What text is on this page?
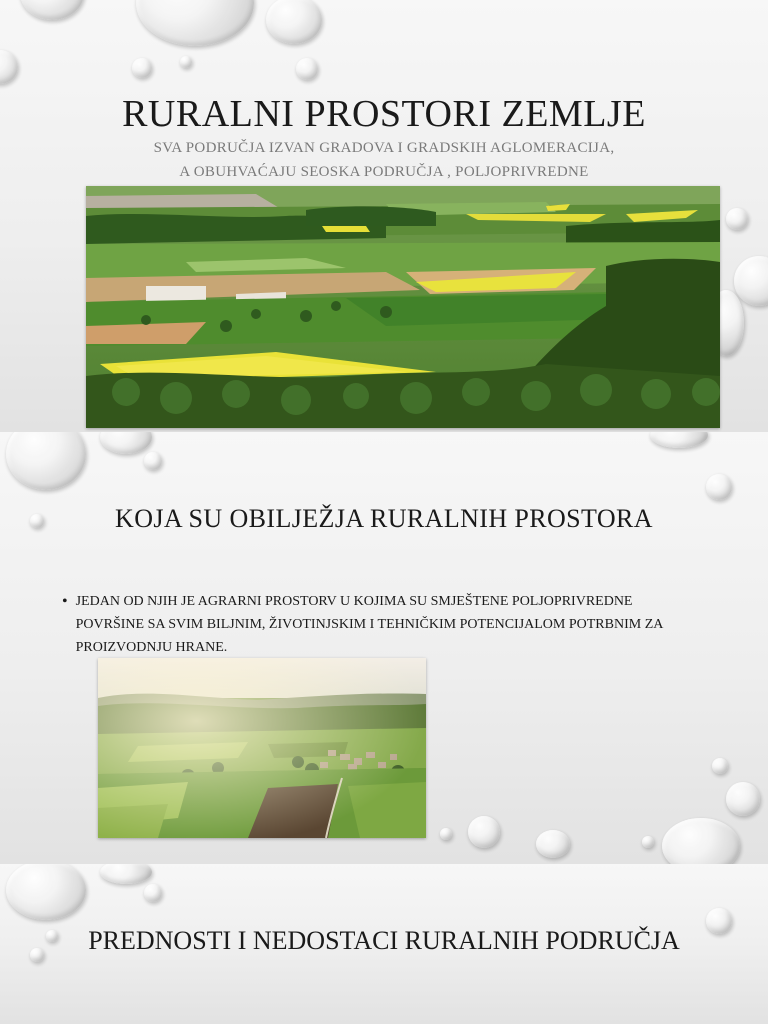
RURALNI PROSTORI ZEMLJE

SVA PODRUČJA IZVAN GRADOVA I GRADSKIH AGLOMERACIJA,

A OBUHVAĆAJU SEOSKA PODRUČJA , POLJOPRIVREDNE

KOJA SU OBILJEŽJA RURALNIH PROSTORA
• JEDAN OD NJIH JE AGRARNI PROSTORV U KOJIMA SU SMJEŠTENE POLJOPRIVREDNE POVRŠINE SA SVIM BILJNIM, ŽIVOTINJSKIM I TEHNIČKIM POTENCIJALOM POTRBNIM ZA PROIZVODNJU HRANE.
PREDNOSTI I NEDOSTACI RURALNIH PODRUČJA
